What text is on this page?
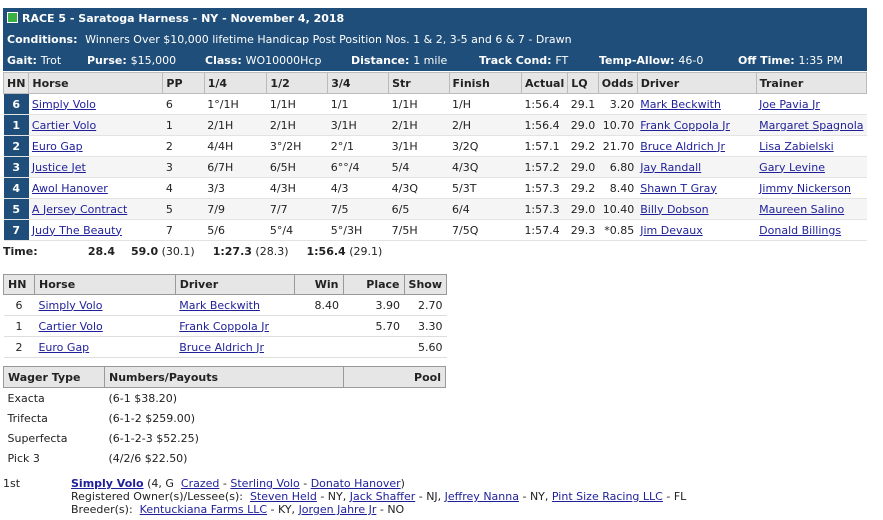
RACE 5 - Saratoga Harness - NY - November 4, 2018
Conditions: Winners Over $10,000 lifetime Handicap Post Position Nos. 1 & 2, 3-5 and 6 & 7 - Drawn
Gait: Trot Purse: $15,000	Class: WO10000Hcp	Distance: 1 mile	Track Cond: FT	Temp-Allow: 46-0	Off Time: 1:35 PM
HN	Horse	PP	1/4	1/2	3/4	Str	Finish	Actual	LQ	Odds	Driver	Trainer
6	Simply Volo	6	1°/1H	1/1H	1/1	1/1H	1/H	1:56.4	29.1	3.20	Mark Beckwith	Joe Pavia Jr
1	Cartier Volo	1	2/1H	2/1H	3/1H	2/1H	2/H	1:56.4	29.0	10.70	Frank Coppola Jr	Margaret Spagnola
2	Euro Gap	2	4/4H	3°/2H	2°/1	3/1H	3/2Q	1:57.1	29.2	21.70	Bruce Aldrich Jr	Lisa Zabielski
3	Justice Jet	3	6/7H	6/5H	6°°/4	5/4	4/3Q	1:57.2	29.0	6.80	Jay Randall	Gary Levine
4	Awol Hanover	4	3/3	4/3H	4/3	4/3Q	5/3T	1:57.3	29.2	8.40	Shawn T Gray	Jimmy Nickerson
5	A Jersey Contract	5	7/9	7/7	7/5	6/5	6/4	1:57.3	29.0	10.40	Billy Dobson	Maureen Salino
7	Judy The Beauty	7	5/6	5°/4	5°/3H	7/5H	7/5Q	1:57.4	29.3	*0.85	Jim Devaux	Donald Billings
Time:	28.4 59.0 (30.1) 1:27.3 (28.3) 1:56.4 (29.1)
HN	Horse	Driver	Win	Place	Show
6	Simply Volo	Mark Beckwith	8.40	3.90	2.70
1	Cartier Volo	Frank Coppola Jr		5.70	3.30
2	Euro Gap	Bruce Aldrich Jr			5.60
Wager Type	Numbers/Payouts	Pool
Exacta	(6-1 $38.20)	
Trifecta	(6-1-2 $259.00)	
Superfecta	(6-1-2-3 $52.25)	
Pick 3	(4/2/6 $22.50)	
1st	Simply Volo (4, G Crazed - Sterling Volo - Donato Hanover)
Registered Owner(s)/Lessee(s): Steven Held - NY, Jack Shaffer - NJ, Jeffrey Nanna - NY, Pint Size Racing LLC - FL
Breeder(s): Kentuckiana Farms LLC - KY, Jorgen Jahre Jr - NO
